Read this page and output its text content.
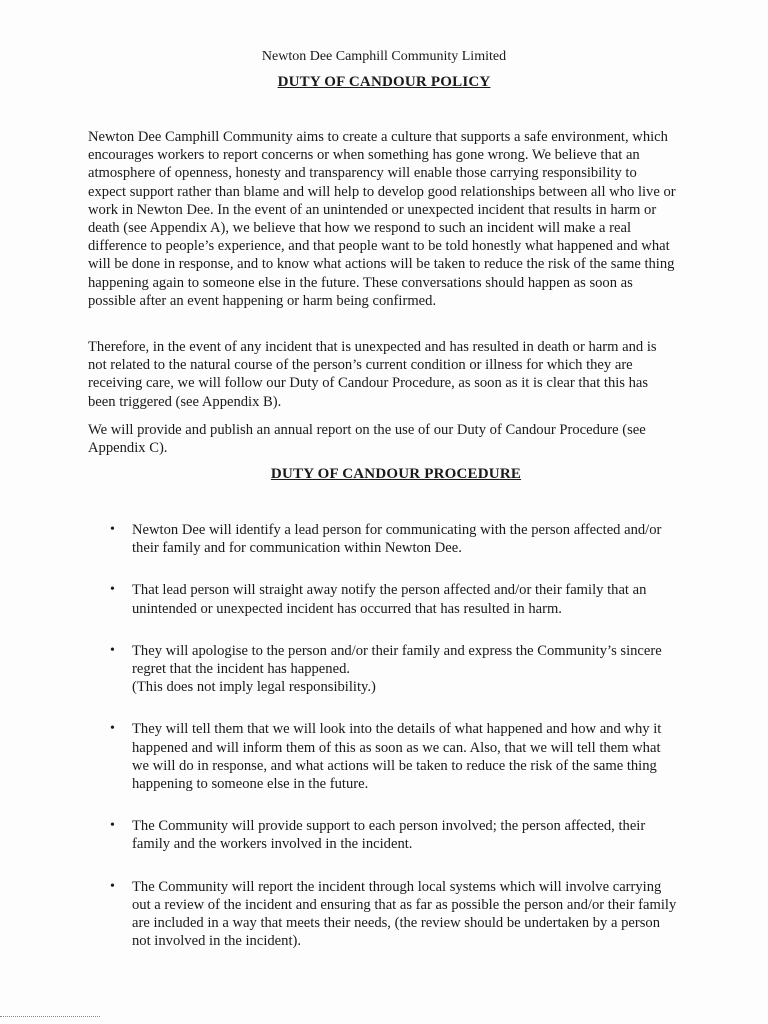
Newton Dee Camphill Community Limited
DUTY OF CANDOUR POLICY

Newton Dee Camphill Community aims to create a culture that supports a safe environment, which encourages workers to report concerns or when something has gone wrong. We believe that an atmosphere of openness, honesty and transparency will enable those carrying responsibility to expect support rather than blame and will help to develop good relationships between all who live or work in Newton Dee. In the event of an unintended or unexpected incident that results in harm or death (see Appendix A), we believe that how we respond to such an incident will make a real difference to people’s experience, and that people want to be told honestly what happened and what will be done in response, and to know what actions will be taken to reduce the risk of the same thing happening again to someone else in the future. These conversations should happen as soon as possible after an event happening or harm being confirmed.

Therefore, in the event of any incident that is unexpected and has resulted in death or harm and is not related to the natural course of the person’s current condition or illness for which they are receiving care, we will follow our Duty of Candour Procedure, as soon as it is clear that this has been triggered (see Appendix B).

We will provide and publish an annual report on the use of our Duty of Candour Procedure (see Appendix C).

DUTY OF CANDOUR PROCEDURE
• Newton Dee will identify a lead person for communicating with the person affected and/or their family and for communication within Newton Dee.
• That lead person will straight away notify the person affected and/or their family that an unintended or unexpected incident has occurred that has resulted in harm.
• They will apologise to the person and/or their family and express the Community’s sincere regret that the incident has happened.
(This does not imply legal responsibility.)
• They will tell them that we will look into the details of what happened and how and why it happened and will inform them of this as soon as we can. Also, that we will tell them what we will do in response, and what actions will be taken to reduce the risk of the same thing happening to someone else in the future.
• The Community will provide support to each person involved; the person affected, their family and the workers involved in the incident.
• The Community will report the incident through local systems which will involve carrying out a review of the incident and ensuring that as far as possible the person and/or their family are included in a way that meets their needs, (the review should be undertaken by a person not involved in the incident).
